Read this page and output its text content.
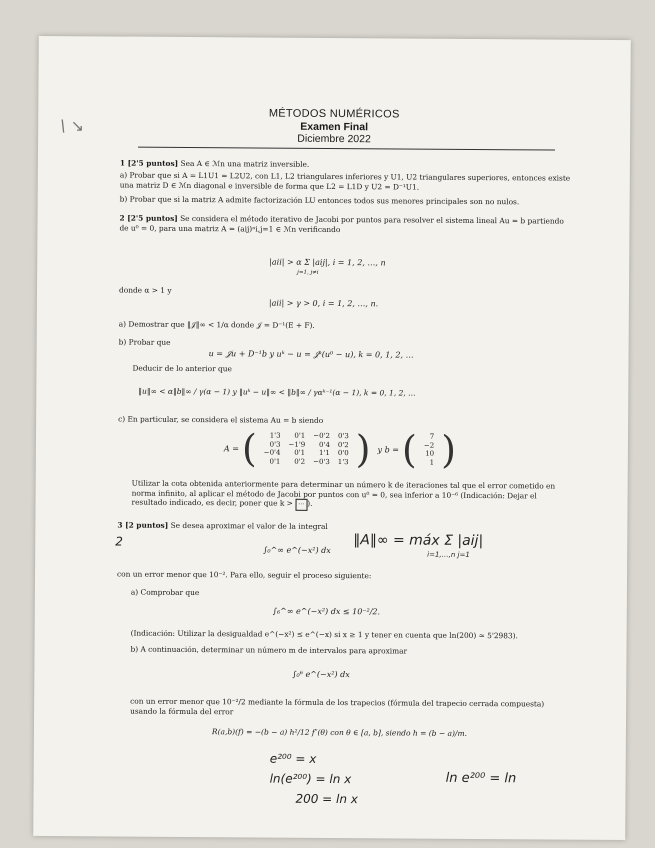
MÉTODOS NUMÉRICOS
Examen Final
Diciembre 2022
1 [2'5 puntos] Sea A ∈ ℳn una matriz inversible.
a) Probar que si A = L1U1 = L2U2, con L1, L2 triangulares inferiores y U1, U2 triangulares superiores, entonces existe una matriz D ∈ ℳn diagonal e inversible de forma que L2 = L1D y U2 = D⁻¹U1.
b) Probar que si la matriz A admite factorización LU entonces todos sus menores principales son no nulos.
2 [2'5 puntos] Se considera el método iterativo de Jacobi por puntos para resolver el sistema lineal Au = b partiendo de u⁰ = 0, para una matriz A = (aij)ⁿi,j=1 ∈ ℳn verificando
|aii| > α Σ |aij|, i = 1, 2, …, n
j=1, j≠i
donde α > 1 y
|aii| > γ > 0, i = 1, 2, …, n.
a) Demostrar que ‖𝒥‖∞ < 1/α donde 𝒥 = D⁻¹(E + F).
b) Probar que
u = 𝒥u + D⁻¹b y uᵏ − u = 𝒥ᵏ(u⁰ − u), k = 0, 1, 2, …
Deducir de lo anterior que
‖u‖∞ < α‖b‖∞ / γ(α − 1) y ‖uᵏ − u‖∞ < ‖b‖∞ / γαᵏ⁻¹(α − 1), k = 0, 1, 2, …
c) En particular, se considera el sistema Au = b siendo
A = ( 1'3	0'1	−0'2	0'3
0'3	−1'9	0'4	0'2
−0'4	0'1	1'1	0'0
0'1	0'2	−0'3	1'3 ) y b = ( 7
−2
10
1 )
Utilizar la cota obtenida anteriormente para determinar un número k de iteraciones tal que el error cometido en norma infinito, al aplicar el método de Jacobi por puntos con u⁰ = 0, sea inferior a 10⁻⁶ (Indicación: Dejar el resultado indicado, es decir, poner que k > ⋯ ).
3 [2 puntos] Se desea aproximar el valor de la integral
∫₀^∞ e^(−x²) dx
con un error menor que 10⁻². Para ello, seguir el proceso siguiente:
a) Comprobar que
∫₆^∞ e^(−x²) dx ≤ 10⁻²/2.
(Indicación: Utilizar la desigualdad e^(−x²) ≤ e^(−x) si x ≥ 1 y tener en cuenta que ln(200) ≃ 5'2983).
b) A continuación, determinar un número m de intervalos para aproximar
∫₀⁶ e^(−x²) dx
con un error menor que 10⁻²/2 mediante la fórmula de los trapecios (fórmula del trapecio cerrada compuesta) usando la fórmula del error
R(a,b)(f) = −(b − a) h²/12 f″(θ) con θ ∈ [a, b], siendo h = (b − a)/m.
‖A‖∞ = máx Σ |aij|
i=1,…,n j=1
2
e²⁰⁰ = x
ln(e²⁰⁰) = ln x
200 = ln x
ln e²⁰⁰ = ln
\ ↘
